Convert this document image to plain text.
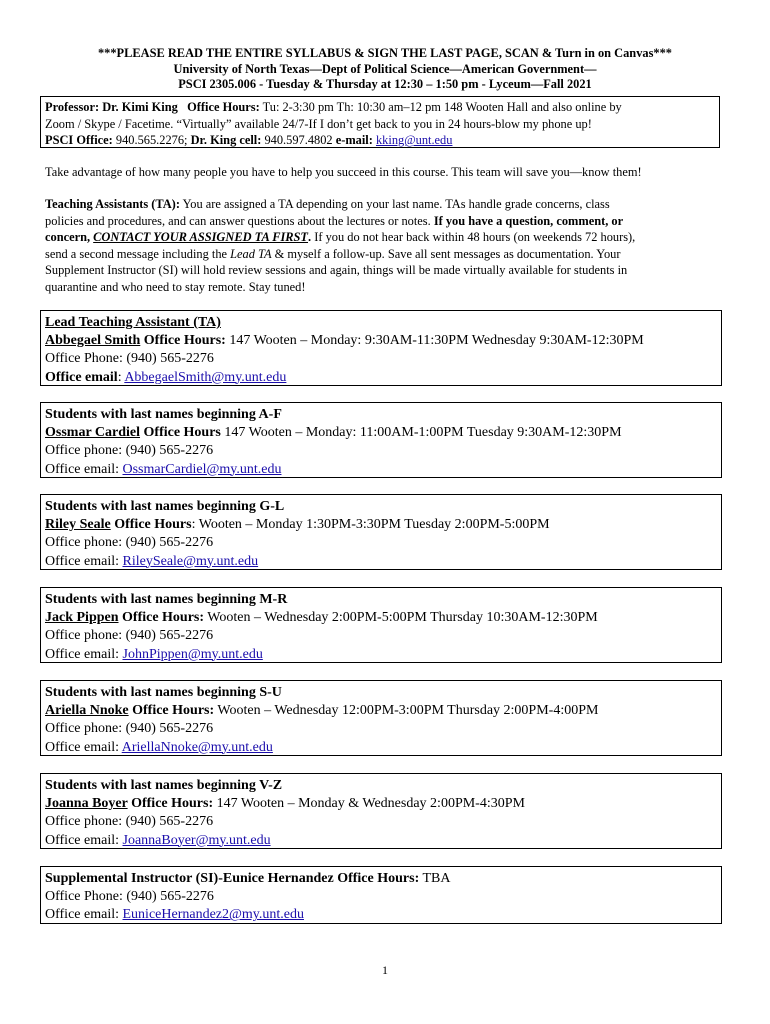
***PLEASE READ THE ENTIRE SYLLABUS & SIGN THE LAST PAGE, SCAN & Turn in on Canvas***
University of North Texas—Dept of Political Science—American Government—
PSCI 2305.006 - Tuesday & Thursday at 12:30 – 1:50 pm - Lyceum—Fall 2021
Professor: Dr. Kimi King Office Hours: Tu: 2-3:30 pm Th: 10:30 am–12 pm 148 Wooten Hall and also online by
Zoom / Skype / Facetime. “Virtually” available 24/7-If I don’t get back to you in 24 hours-blow my phone up!
PSCI Office: 940.565.2276; Dr. King cell: 940.597.4802 e-mail: kking@unt.edu
Take advantage of how many people you have to help you succeed in this course. This team will save you—know them!
Teaching Assistants (TA): You are assigned a TA depending on your last name. TAs handle grade concerns, class
policies and procedures, and can answer questions about the lectures or notes. If you have a question, comment, or
concern, CONTACT YOUR ASSIGNED TA FIRST. If you do not hear back within 48 hours (on weekends 72 hours),
send a second message including the Lead TA & myself a follow-up. Save all sent messages as documentation. Your
Supplement Instructor (SI) will hold review sessions and again, things will be made virtually available for students in
quarantine and who need to stay remote. Stay tuned!
Lead Teaching Assistant (TA)
Abbegael Smith Office Hours: 147 Wooten – Monday: 9:30AM-11:30PM Wednesday 9:30AM-12:30PM
Office Phone: (940) 565-2276
Office email: AbbegaelSmith@my.unt.edu
Students with last names beginning A-F
Ossmar Cardiel Office Hours 147 Wooten – Monday: 11:00AM-1:00PM Tuesday 9:30AM-12:30PM
Office phone: (940) 565-2276
Office email: OssmarCardiel@my.unt.edu
Students with last names beginning G-L
Riley Seale Office Hours: Wooten – Monday 1:30PM-3:30PM Tuesday 2:00PM-5:00PM
Office phone: (940) 565-2276
Office email: RileySeale@my.unt.edu
Students with last names beginning M-R
Jack Pippen Office Hours: Wooten – Wednesday 2:00PM-5:00PM Thursday 10:30AM-12:30PM
Office phone: (940) 565-2276
Office email: JohnPippen@my.unt.edu
Students with last names beginning S-U
Ariella Nnoke Office Hours: Wooten – Wednesday 12:00PM-3:00PM Thursday 2:00PM-4:00PM
Office phone: (940) 565-2276
Office email: AriellaNnoke@my.unt.edu
Students with last names beginning V-Z
Joanna Boyer Office Hours: 147 Wooten – Monday & Wednesday 2:00PM-4:30PM
Office phone: (940) 565-2276
Office email: JoannaBoyer@my.unt.edu
Supplemental Instructor (SI)-Eunice Hernandez Office Hours: TBA
Office Phone: (940) 565-2276
Office email: EuniceHernandez2@my.unt.edu
1
